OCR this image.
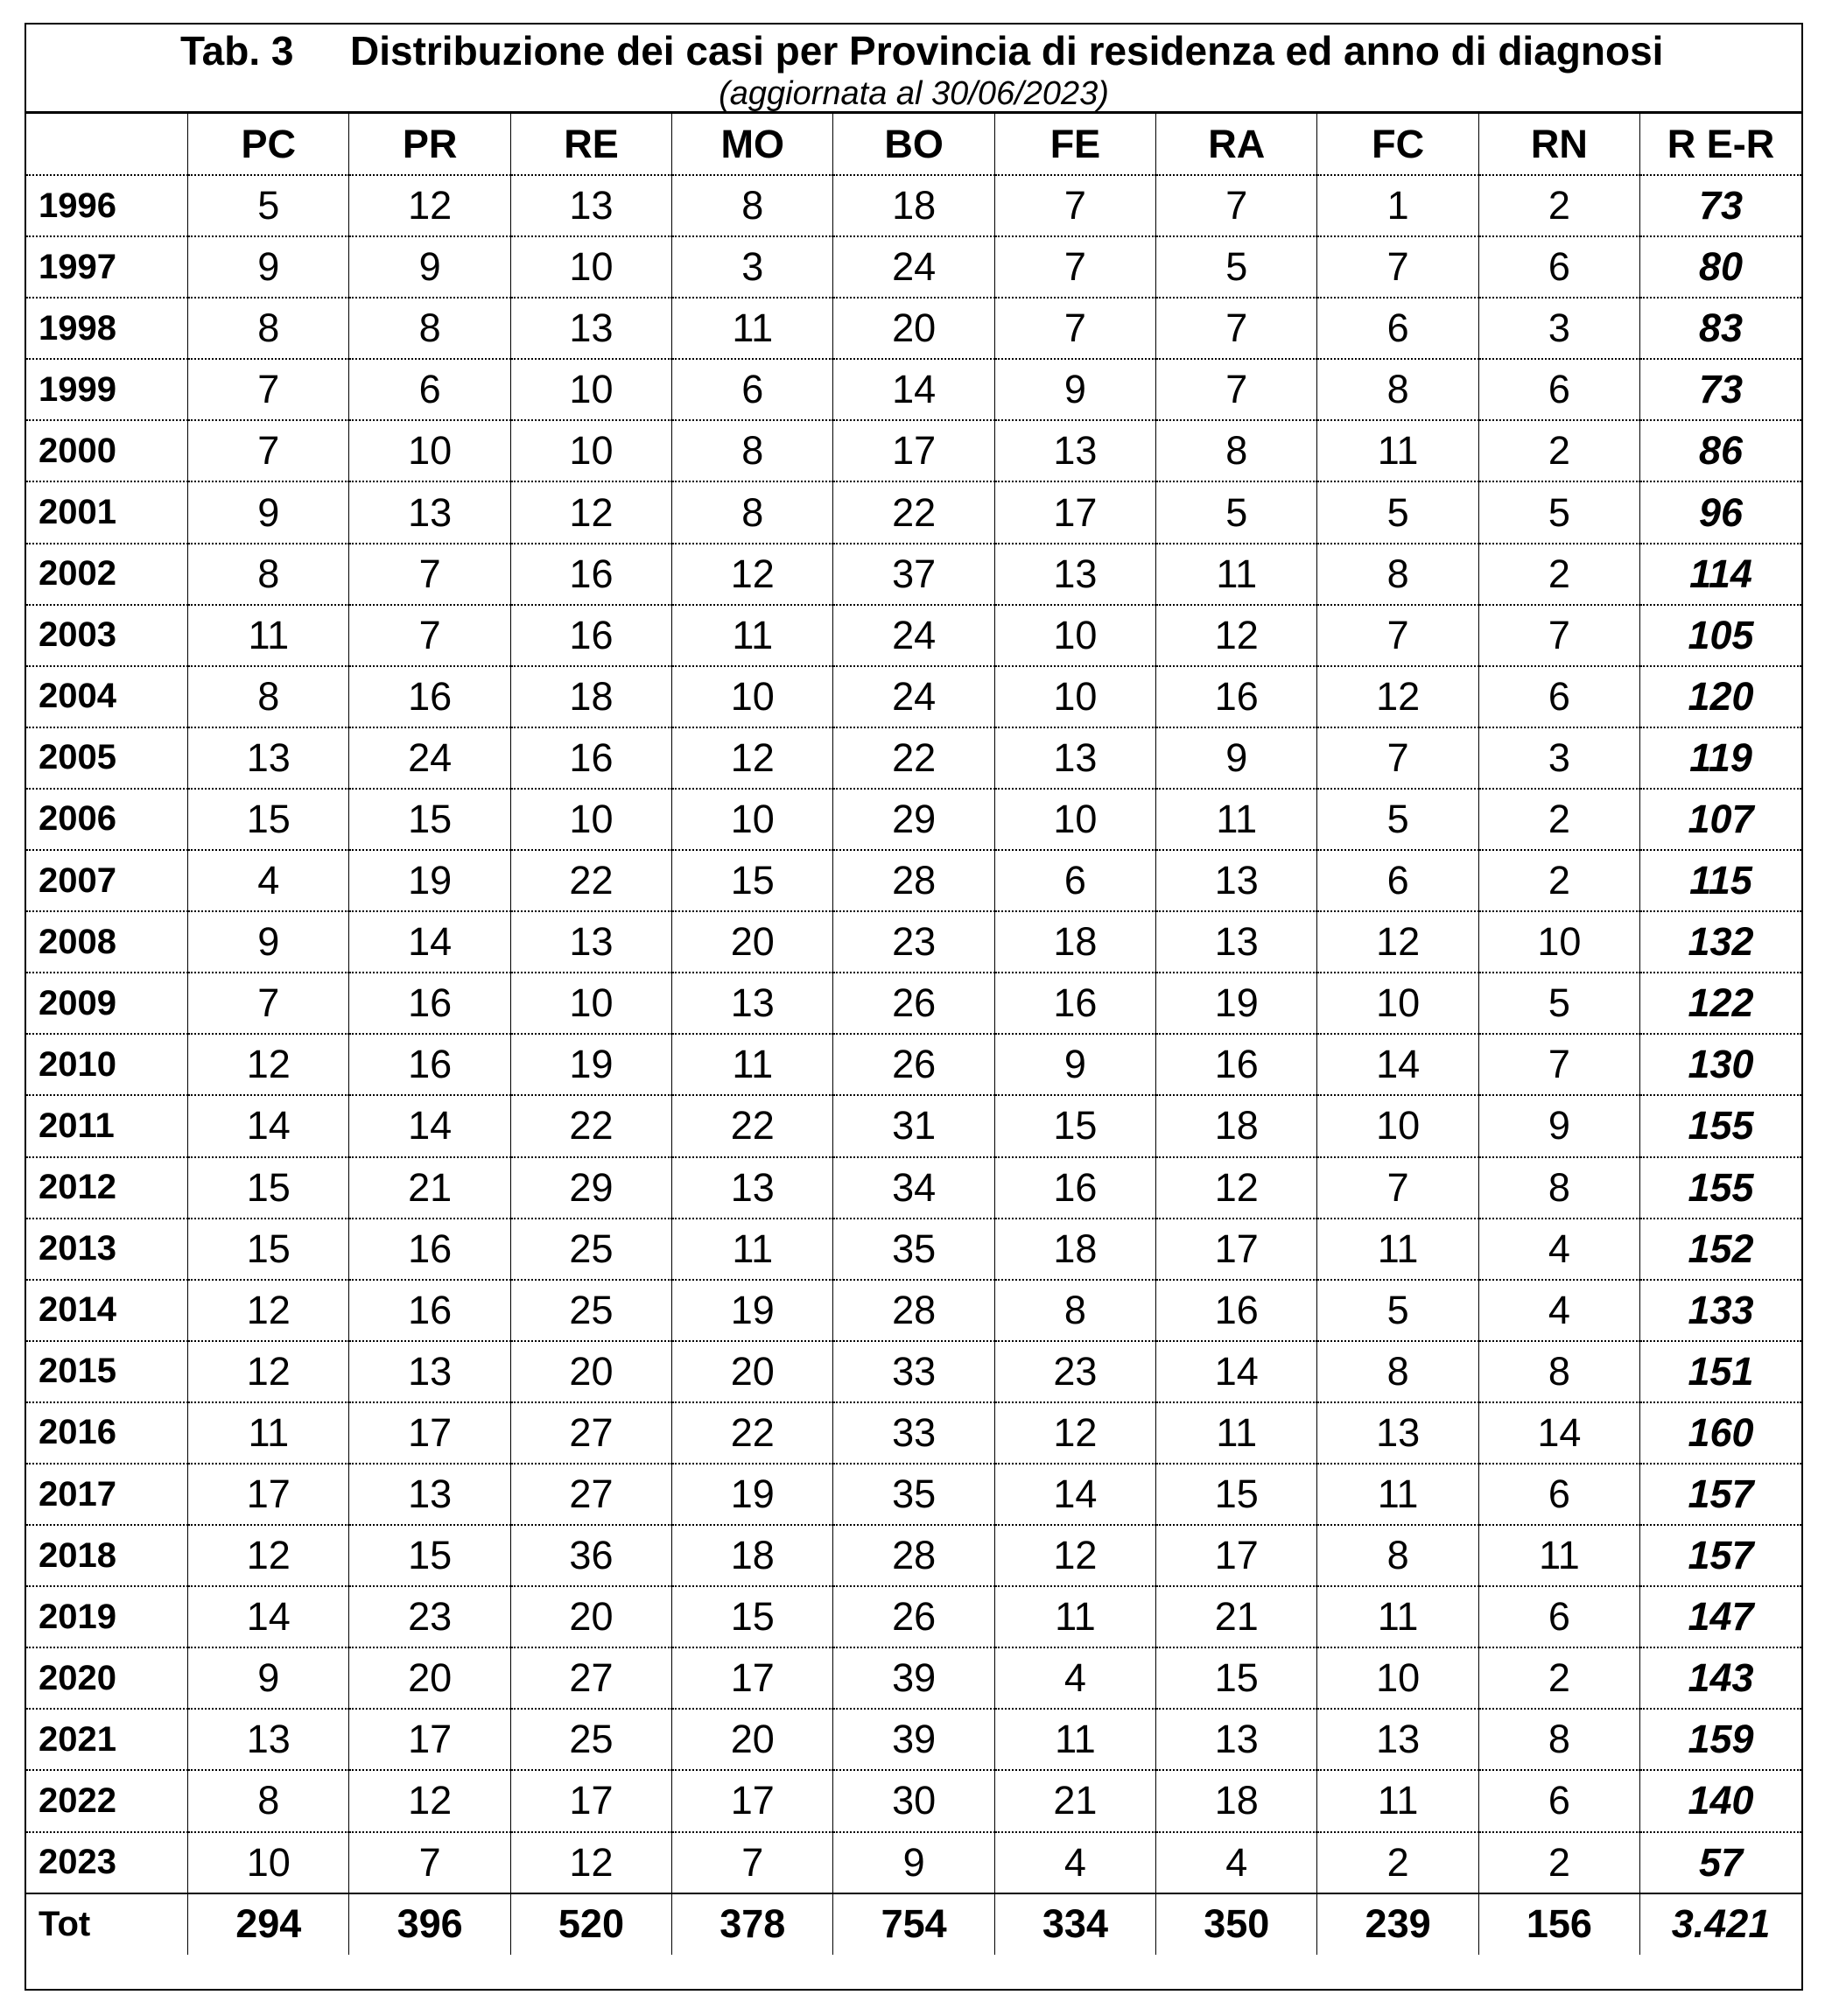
Tab. 3 Distribuzione dei casi per Provincia di residenza ed anno di diagnosi
(aggiornata al 30/06/2023)
	PC	PR	RE	MO	BO	FE	RA	FC	RN	R E-R
1996	5	12	13	8	18	7	7	1	2	73
1997	9	9	10	3	24	7	5	7	6	80
1998	8	8	13	11	20	7	7	6	3	83
1999	7	6	10	6	14	9	7	8	6	73
2000	7	10	10	8	17	13	8	11	2	86
2001	9	13	12	8	22	17	5	5	5	96
2002	8	7	16	12	37	13	11	8	2	114
2003	11	7	16	11	24	10	12	7	7	105
2004	8	16	18	10	24	10	16	12	6	120
2005	13	24	16	12	22	13	9	7	3	119
2006	15	15	10	10	29	10	11	5	2	107
2007	4	19	22	15	28	6	13	6	2	115
2008	9	14	13	20	23	18	13	12	10	132
2009	7	16	10	13	26	16	19	10	5	122
2010	12	16	19	11	26	9	16	14	7	130
2011	14	14	22	22	31	15	18	10	9	155
2012	15	21	29	13	34	16	12	7	8	155
2013	15	16	25	11	35	18	17	11	4	152
2014	12	16	25	19	28	8	16	5	4	133
2015	12	13	20	20	33	23	14	8	8	151
2016	11	17	27	22	33	12	11	13	14	160
2017	17	13	27	19	35	14	15	11	6	157
2018	12	15	36	18	28	12	17	8	11	157
2019	14	23	20	15	26	11	21	11	6	147
2020	9	20	27	17	39	4	15	10	2	143
2021	13	17	25	20	39	11	13	13	8	159
2022	8	12	17	17	30	21	18	11	6	140
2023	10	7	12	7	9	4	4	2	2	57
Tot	294	396	520	378	754	334	350	239	156	3.421
